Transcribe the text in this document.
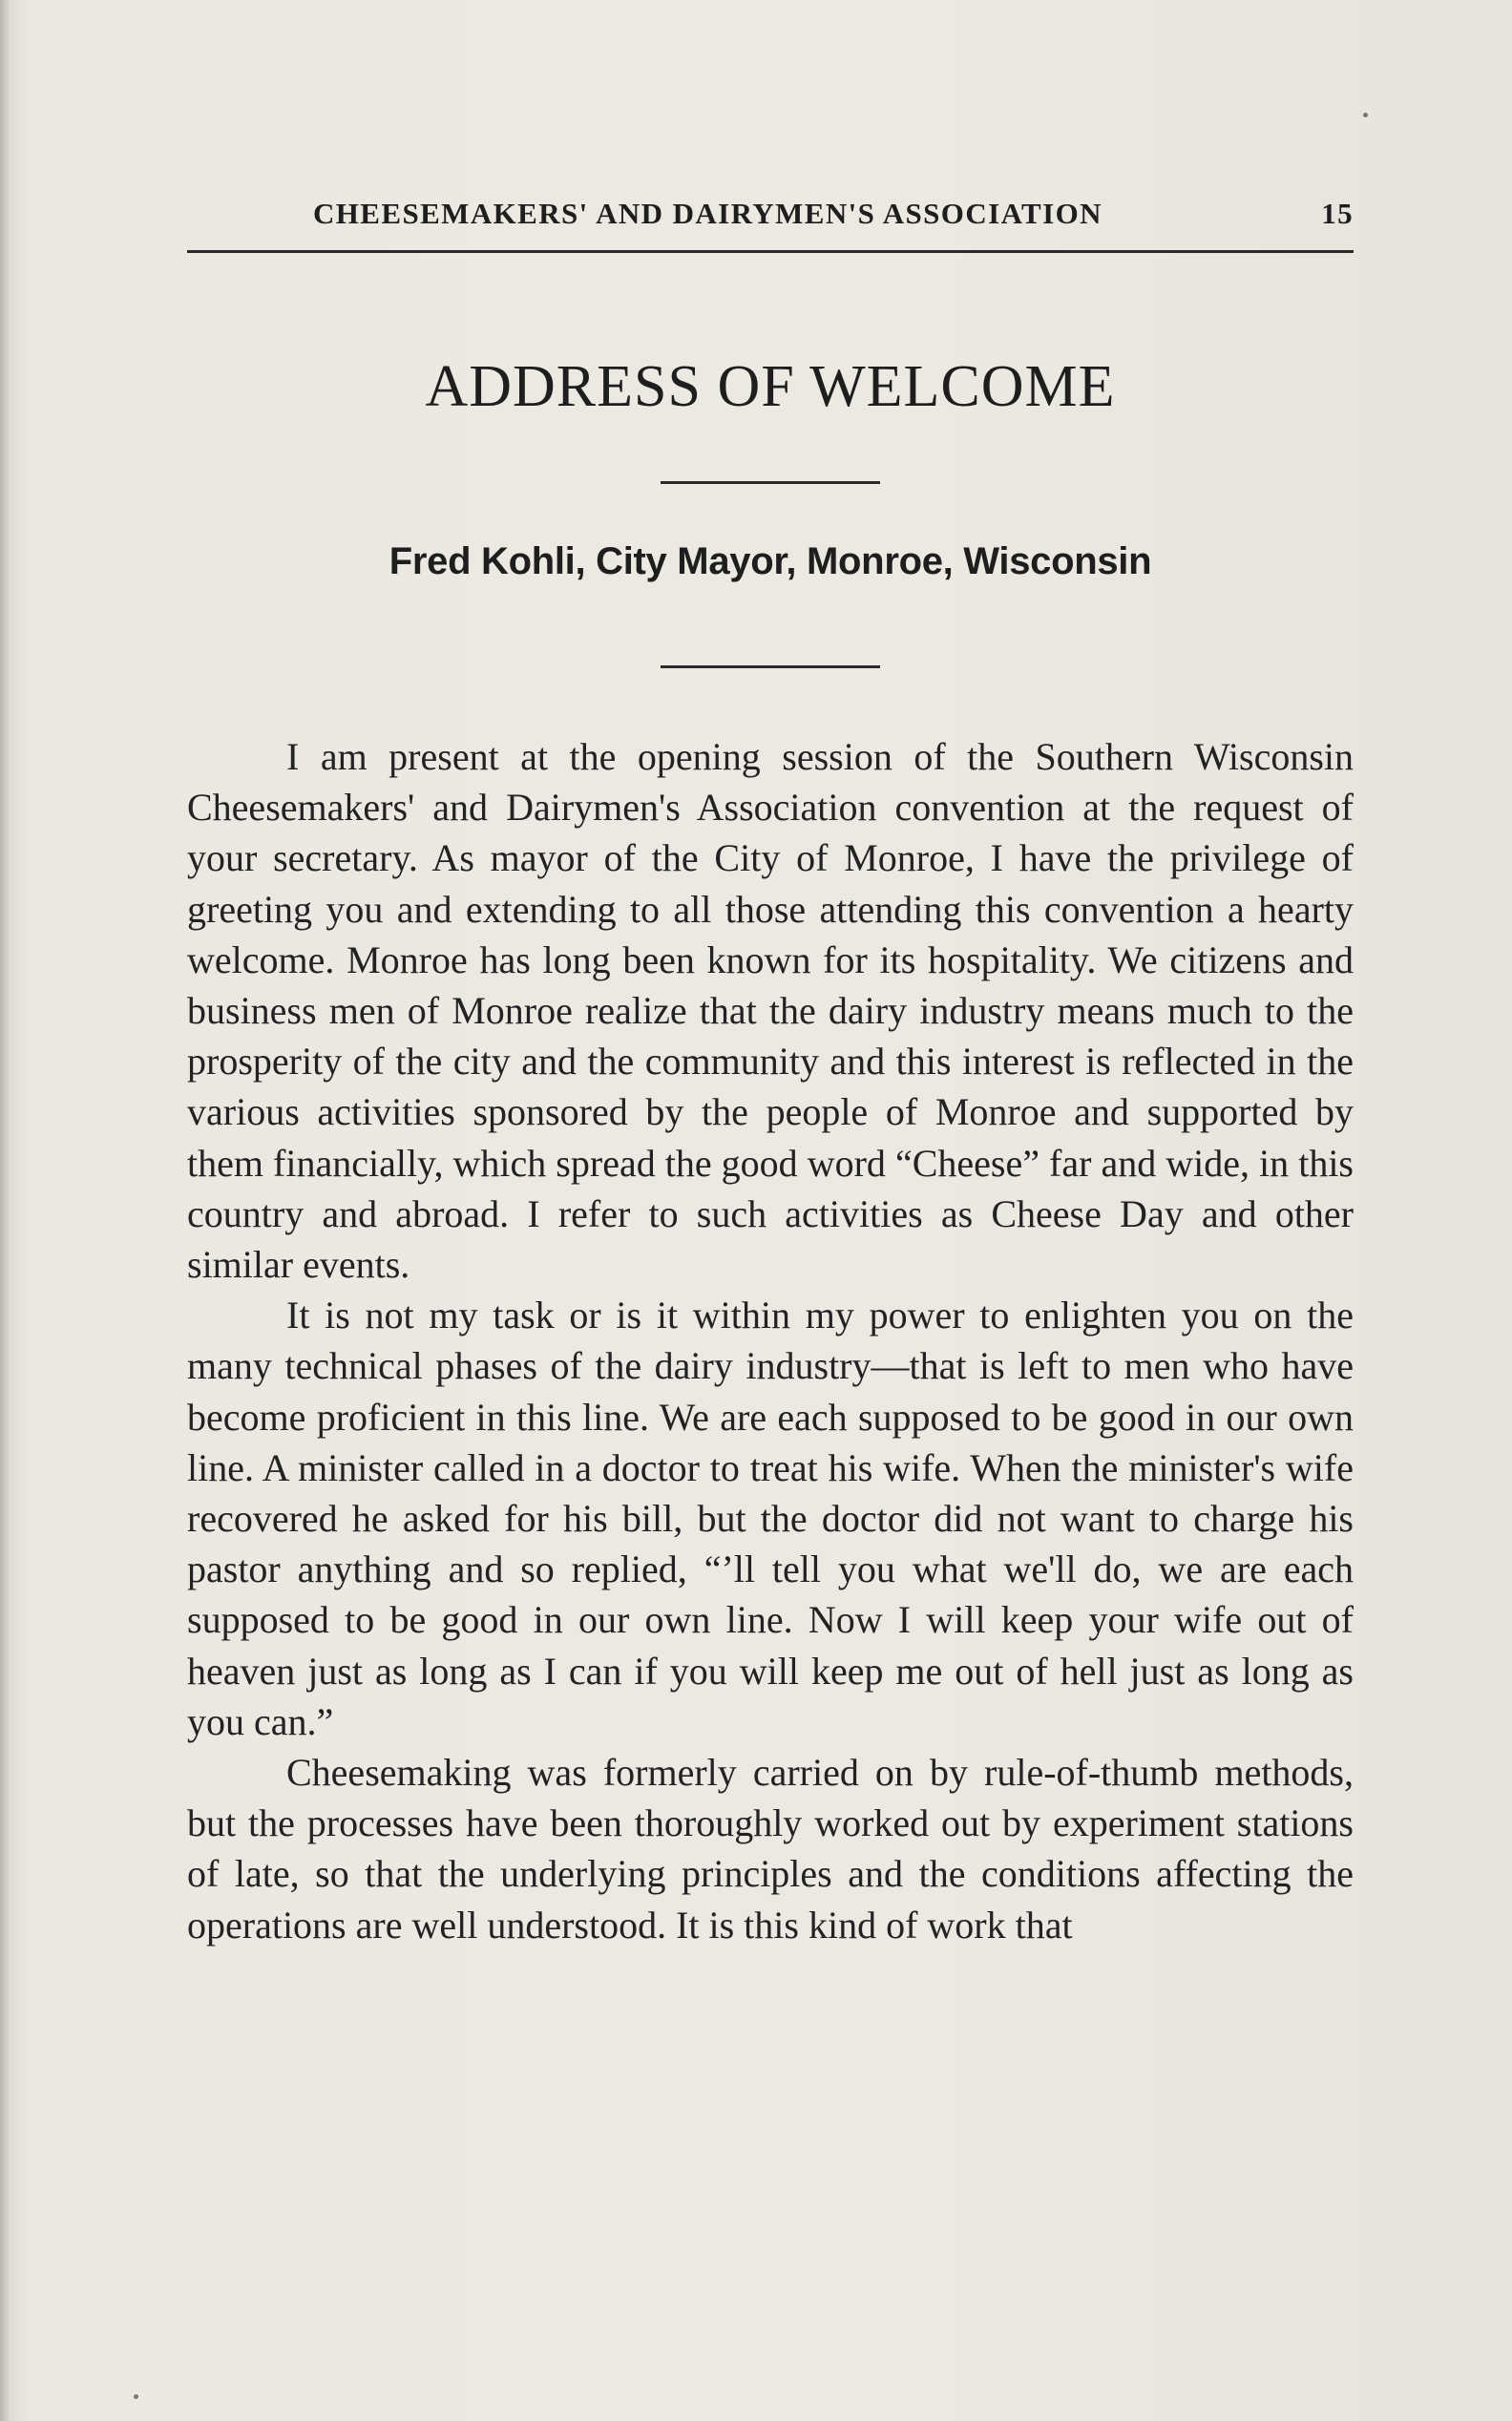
CHEESEMAKERS' AND DAIRYMEN'S ASSOCIATION	15
ADDRESS OF WELCOME
Fred Kohli, City Mayor, Monroe, Wisconsin

I am present at the opening session of the Southern Wisconsin Cheesemakers' and Dairymen's Association convention at the request of your secretary. As mayor of the City of Monroe, I have the privilege of greeting you and extending to all those attending this convention a hearty welcome. Monroe has long been known for its hospitality. We citizens and business men of Monroe realize that the dairy industry means much to the prosperity of the city and the community and this interest is reflected in the various activities sponsored by the people of Monroe and supported by them financially, which spread the good word “Cheese” far and wide, in this country and abroad. I refer to such activities as Cheese Day and other similar events.

It is not my task or is it within my power to enlighten you on the many technical phases of the dairy industry—that is left to men who have become proficient in this line. We are each supposed to be good in our own line. A minister called in a doctor to treat his wife. When the minister's wife recovered he asked for his bill, but the doctor did not want to charge his pastor anything and so replied, “’ll tell you what we'll do, we are each supposed to be good in our own line. Now I will keep your wife out of heaven just as long as I can if you will keep me out of hell just as long as you can.”

Cheesemaking was formerly carried on by rule-of-thumb methods, but the processes have been thoroughly worked out by experiment stations of late, so that the underlying principles and the conditions affecting the operations are well understood. It is this kind of work that
